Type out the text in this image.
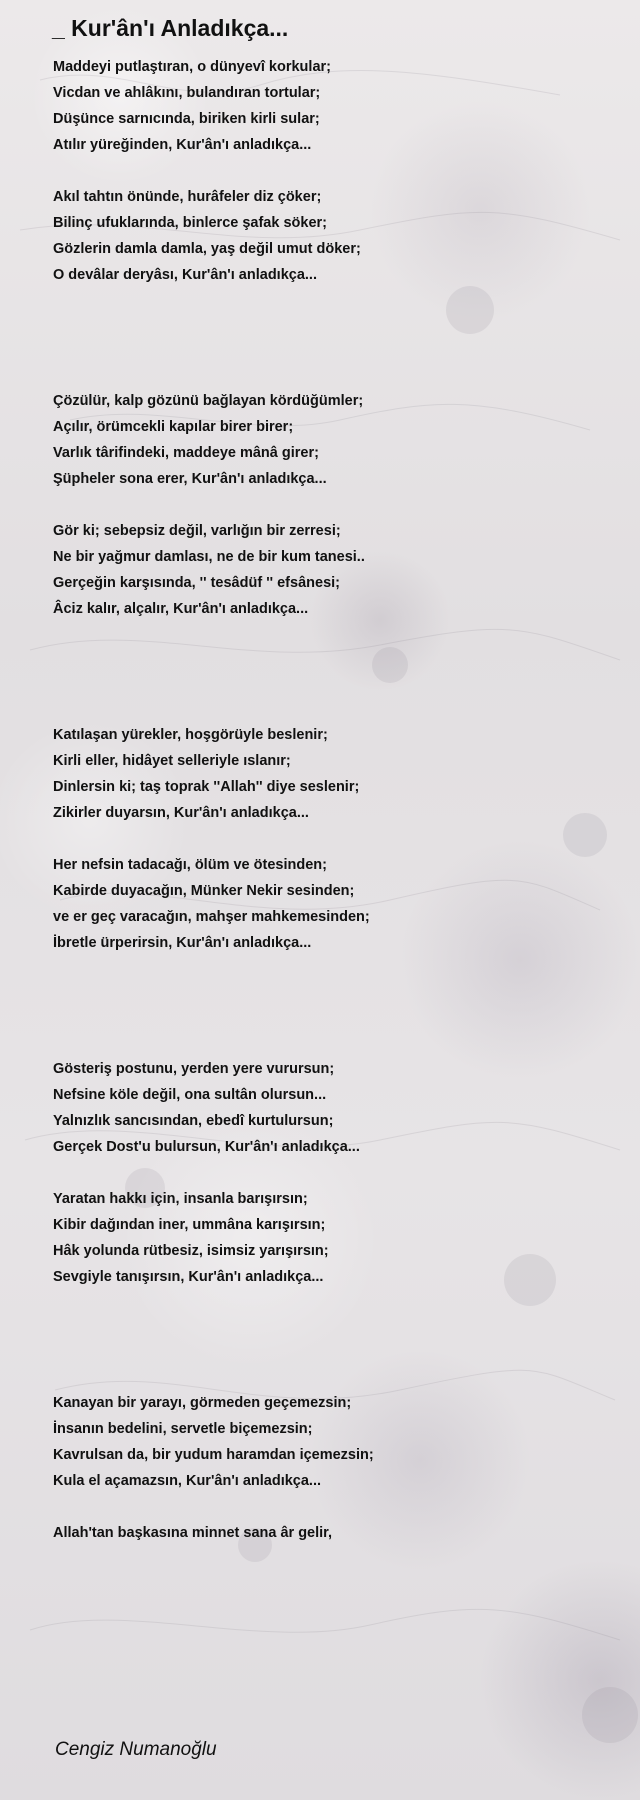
_ Kur'ân'ı Anladıkça...
Maddeyi putlaştıran, o dünyevî korkular;
Vicdan ve ahlâkını, bulandıran tortular;
Düşünce sarnıcında, biriken kirli sular;
Atılır yüreğinden, Kur'ân'ı anladıkça...
Akıl tahtın önünde, hurâfeler diz çöker;
Bilinç ufuklarında, binlerce şafak söker;
Gözlerin damla damla, yaş değil umut döker;
O devâlar deryâsı, Kur'ân'ı anladıkça...
Çözülür, kalp gözünü bağlayan kördüğümler;
Açılır, örümcekli kapılar birer birer;
Varlık târifindeki, maddeye mânâ girer;
Şüpheler sona erer, Kur'ân'ı anladıkça...
Gör ki; sebepsiz değil, varlığın bir zerresi;
Ne bir yağmur damlası, ne de bir kum tanesi..
Gerçeğin karşısında, '' tesâdüf '' efsânesi;
Âciz kalır, alçalır, Kur'ân'ı anladıkça...
Katılaşan yürekler, hoşgörüyle beslenir;
Kirli eller, hidâyet selleriyle ıslanır;
Dinlersin ki; taş toprak ''Allah'' diye seslenir;
Zikirler duyarsın, Kur'ân'ı anladıkça...
Her nefsin tadacağı, ölüm ve ötesinden;
Kabirde duyacağın, Münker Nekir sesinden;
ve er geç varacağın, mahşer mahkemesinden;
İbretle ürperirsin, Kur'ân'ı anladıkça...
Gösteriş postunu, yerden yere vurursun;
Nefsine köle değil, ona sultân olursun...
Yalnızlık sancısından, ebedî kurtulursun;
Gerçek Dost'u bulursun, Kur'ân'ı anladıkça...
Yaratan hakkı için, insanla barışırsın;
Kibir dağından iner, ummâna karışırsın;
Hâk yolunda rütbesiz, isimsiz yarışırsın;
Sevgiyle tanışırsın, Kur'ân'ı anladıkça...
Kanayan bir yarayı, görmeden geçemezsin;
İnsanın bedelini, servetle biçemezsin;
Kavrulsan da, bir yudum haramdan içemezsin;
Kula el açamazsın, Kur'ân'ı anladıkça...
Allah'tan başkasına minnet sana âr gelir,
Cengiz Numanoğlu
